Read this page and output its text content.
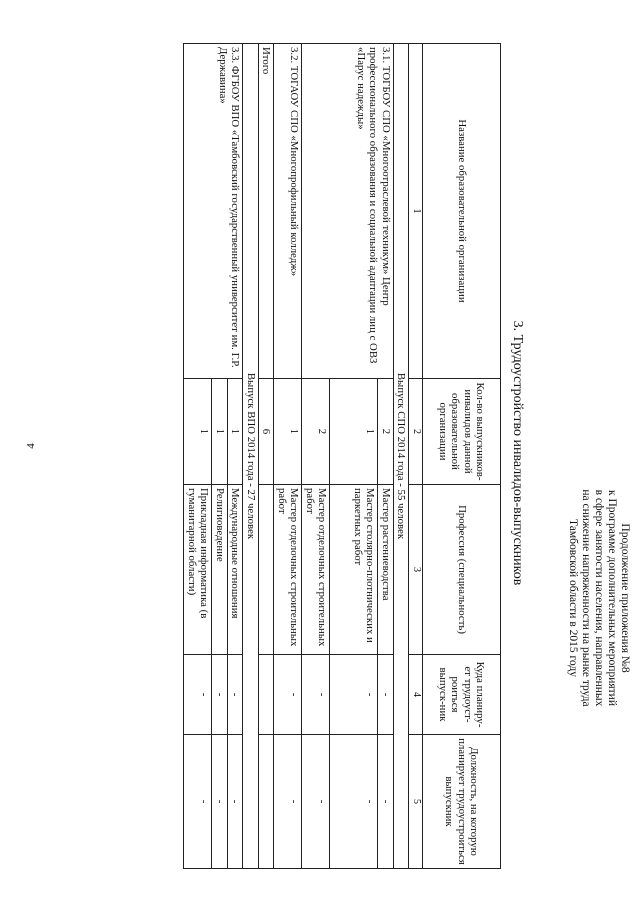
4
Продолжение приложения №8
к Программе дополнительных мероприятий
в сфере занятости населения, направленных
на снижение напряженности на рынке труда
Тамбовской области в 2015 году
3. Трудоустройство инвалидов-выпускников
Название образовательной организации	Кол-во выпускников-инвалидов данной образовательной организации	Профессия (специальность)	Куда планиру-ет трудоуст-роиться выпуск-ник	Должность, на которую планирует трудоустроиться выпускник
1	2	3	4	5
Выпуск СПО 2014 года - 55 человек				
3.1. ТОГБОУ СПО «Многоотраслевой техникум» Центр профессионального образования и социальной адаптации лиц с ОВЗ «Парус надежды»	2	Мастер растениеводства	-	-
	1	Мастер столярно-плотнических и паркетных работ	-	-
	2	Мастер отделочных строительных работ	-	-
3.2. ТОГАОУ СПО «Многопрофильный колледж»	1	Мастер отделочных строительных работ	-	-
Итого	6			
Выпуск ВПО 2014 года - 27 человек				
3.3. ФГБОУ ВПО «Тамбовский государственный университет им. Г.Р. Державина»	1	Международные отношения	-	-
	1	Религиоведение	-	-
	1	Прикладная информатика (в гуманитарной области)	-	-
